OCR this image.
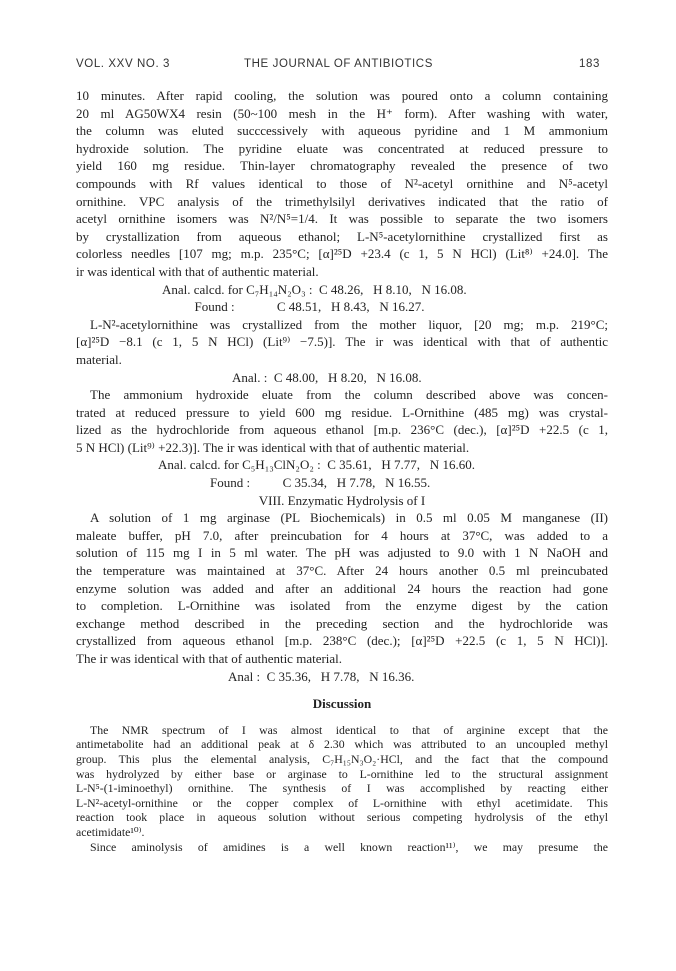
VOL. XXV NO. 3	THE JOURNAL OF ANTIBIOTICS	183
10 minutes. After rapid cooling, the solution was poured onto a column containing
20 ml AG50WX4 resin (50~100 mesh in the H⁺ form). After washing with water,
the column was eluted succcessively with aqueous pyridine and 1 M ammonium
hydroxide solution. The pyridine eluate was concentrated at reduced pressure to
yield 160 mg residue. Thin-layer chromatography revealed the presence of two
compounds with Rf values identical to those of N²-acetyl ornithine and N⁵-acetyl
ornithine. VPC analysis of the trimethylsilyl derivatives indicated that the ratio of
acetyl ornithine isomers was N²/N⁵=1/4. It was possible to separate the two isomers
by crystallization from aqueous ethanol; L-N⁵-acetylornithine crystallized first as
colorless needles [107 mg; m.p. 235°C; [α]²⁵D +23.4 (c 1, 5 N HCl) (Lit⁸⁾ +24.0]. The
ir was identical with that of authentic material.
Anal. calcd. for C₇H₁₄N₂O₃ :  C 48.26,   H 8.10,   N 16.08.
Found :             C 48.51,   H 8.43,   N 16.27.
L-N²-acetylornithine was crystallized from the mother liquor, [20 mg; m.p. 219°C;
[α]²⁵D −8.1 (c 1, 5 N HCl) (Lit⁹⁾ −7.5)]. The ir was identical with that of authentic
material.
Anal. :  C 48.00,   H 8.20,   N 16.08.
The ammonium hydroxide eluate from the column described above was concen-
trated at reduced pressure to yield 600 mg residue. L-Ornithine (485 mg) was crystal-
lized as the hydrochloride from aqueous ethanol [m.p. 236°C (dec.), [α]²⁵D +22.5 (c 1,
5 N HCl) (Lit⁹⁾ +22.3)]. The ir was identical with that of authentic material.
Anal. calcd. for C₅H₁₃ClN₂O₂ :  C 35.61,   H 7.77,   N 16.60.
Found :          C 35.34,   H 7.78,   N 16.55.
VIII. Enzymatic Hydrolysis of I
A solution of 1 mg arginase (PL Biochemicals) in 0.5 ml 0.05 M manganese (II)
maleate buffer, pH 7.0, after preincubation for 4 hours at 37°C, was added to a
solution of 115 mg I in 5 ml water. The pH was adjusted to 9.0 with 1 N NaOH and
the temperature was maintained at 37°C. After 24 hours another 0.5 ml preincubated
enzyme solution was added and after an additional 24 hours the reaction had gone
to completion. L-Ornithine was isolated from the enzyme digest by the cation
exchange method described in the preceding section and the hydrochloride was
crystallized from aqueous ethanol [m.p. 238°C (dec.); [α]²⁵D +22.5 (c 1, 5 N HCl)].
The ir was identical with that of authentic material.
Anal :  C 35.36,   H 7.78,   N 16.36.
Discussion
The NMR spectrum of I was almost identical to that of arginine except that the
antimetabolite had an additional peak at δ 2.30 which was attributed to an uncoupled methyl
group. This plus the elemental analysis, C₇H₁₅N₃O₂·HCl, and the fact that the compound
was hydrolyzed by either base or arginase to L-ornithine led to the structural assignment
L-N⁵-(1-iminoethyl) ornithine. The synthesis of I was accomplished by reacting either
L-N²-acetyl-ornithine or the copper complex of L-ornithine with ethyl acetimidate. This
reaction took place in aqueous solution without serious competing hydrolysis of the ethyl
acetimidate¹⁰⁾.
Since aminolysis of amidines is a well known reaction¹¹⁾, we may presume the
